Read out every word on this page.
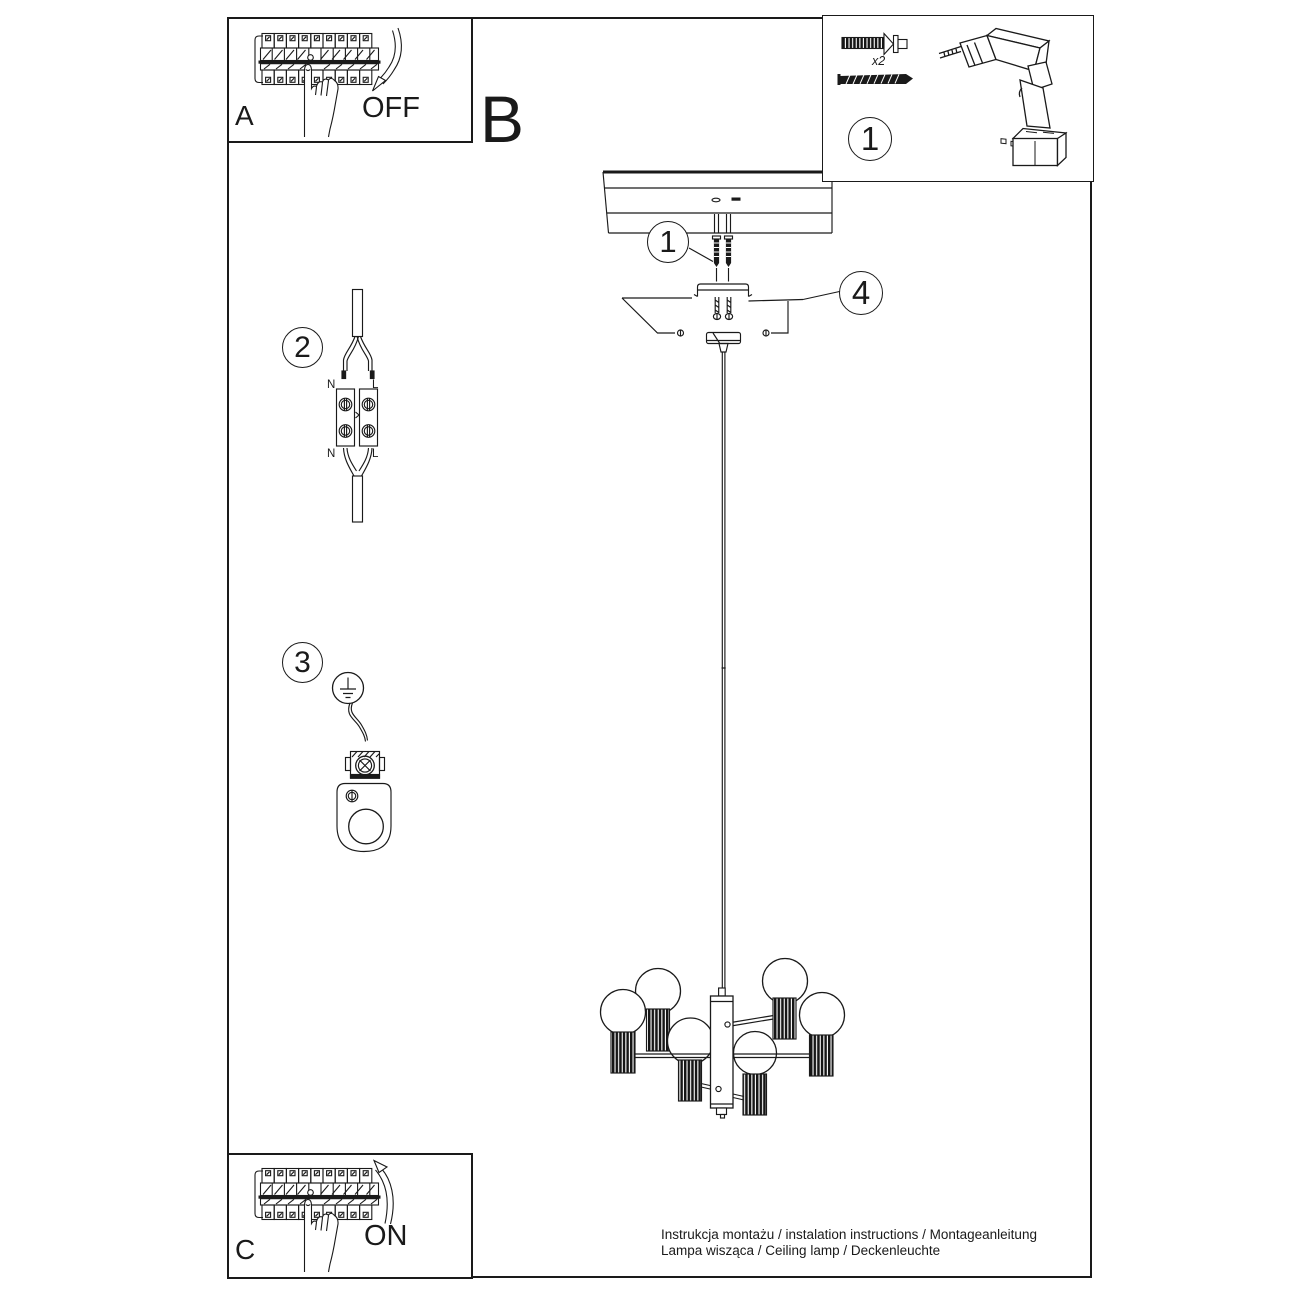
A	OFF B
C	ON
x2
1
1
2
3
4
N	L
N	L
Instrukcja montażu / instalation instructions / Montageanleitung
Lampa wisząca / Ceiling lamp / Deckenleuchte
